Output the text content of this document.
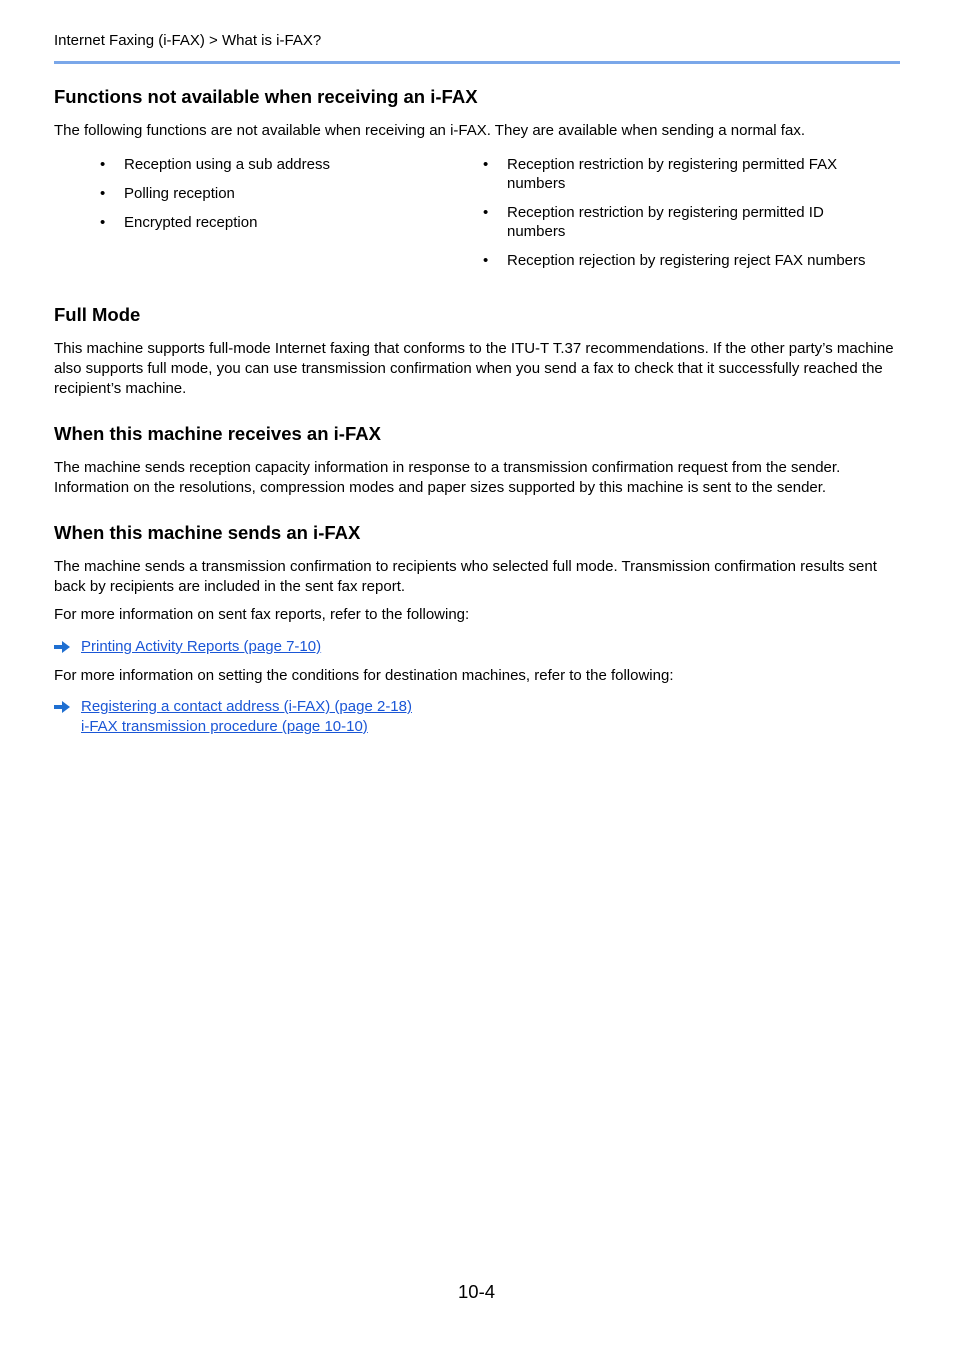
Internet Faxing (i-FAX) > What is i-FAX?
Functions not available when receiving an i-FAX

The following functions are not available when receiving an i-FAX. They are available when sending a normal fax.

• Reception using a sub address
• Polling reception
• Encrypted reception
• Reception restriction by registering permitted FAX numbers
• Reception restriction by registering permitted ID numbers
• Reception rejection by registering reject FAX numbers
Full Mode

This machine supports full-mode Internet faxing that conforms to the ITU-T T.37 recommendations. If the other party’s machine also supports full mode, you can use transmission confirmation when you send a fax to check that it successfully reached the recipient’s machine.

When this machine receives an i-FAX

The machine sends reception capacity information in response to a transmission confirmation request from the sender. Information on the resolutions, compression modes and paper sizes supported by this machine is sent to the sender.

When this machine sends an i-FAX

The machine sends a transmission confirmation to recipients who selected full mode. Transmission confirmation results sent back by recipients are included in the sent fax report.

For more information on sent fax reports, refer to the following:

Printing Activity Reports (page 7-10)

For more information on setting the conditions for destination machines, refer to the following:

Registering a contact address (i-FAX) (page 2-18)
i-FAX transmission procedure (page 10-10)
10-4
